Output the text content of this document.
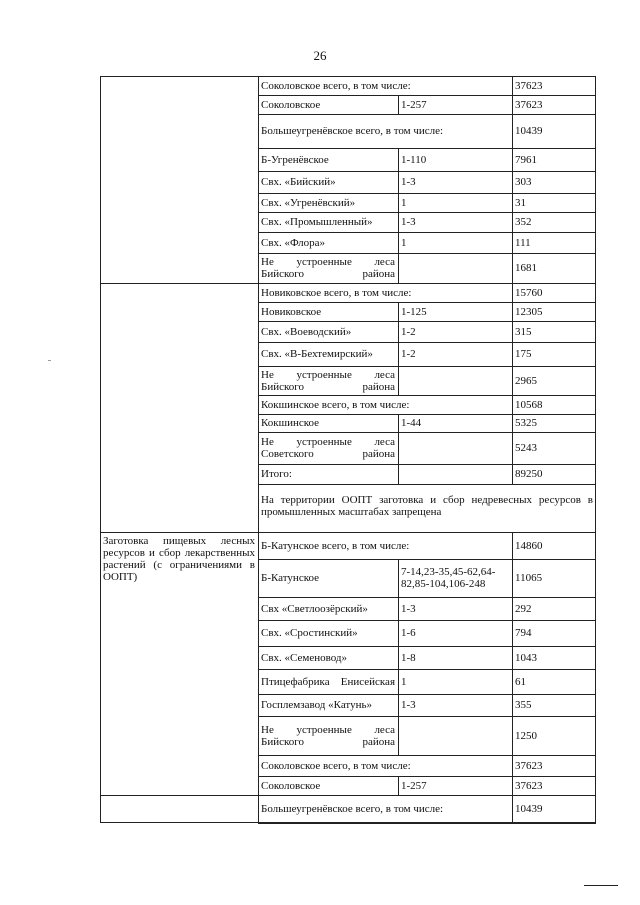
26
Соколовское всего, в том числе:	37623
Соколовское	1-257	37623
Большеугренёвское всего, в том числе:	10439
Б-Угренёвское	1-110	7961
Свх. «Бийский»	1-3	303
Свх. «Угренёвский»	1	31
Свх. «Промышленный»	1-3	352
Свх. «Флора»	1	111
Не устроенные леса Бийского района	1681
Новиковское всего, в том числе:	15760
Новиковское	1-125	12305
Свх. «Воеводский»	1-2	315
Свх. «В-Бехтемирский»	1-2	175
Не устроенные леса Бийского района	2965
Кокшинское всего, в том числе:	10568
Кокшинское	1-44	5325
Не устроенные леса Советского района	5243
Итого:	89250
На территории ООПТ заготовка и сбор недревесных ресурсов в промышленных масштабах запрещена
Заготовка пищевых лесных ресурсов и сбор лекарственных растений (с ограничениями в ООПТ)
Б-Катунское всего, в том числе:	14860
Б-Катунское	7-14,23-35,45-62,64-82,85-104,106-248	11065
Свх «Светлоозёрский»	1-3	292
Свх. «Сростинский»	1-6	794
Свх. «Семеновод»	1-8	1043
Птицефабрика Енисейская 1	61
Госплемзавод «Катунь»	1-3	355
Не устроенные леса Бийского района	1250
Соколовское всего, в том числе:	37623
Соколовское	1-257	37623
Большеугренёвское всего, в том числе:	10439
